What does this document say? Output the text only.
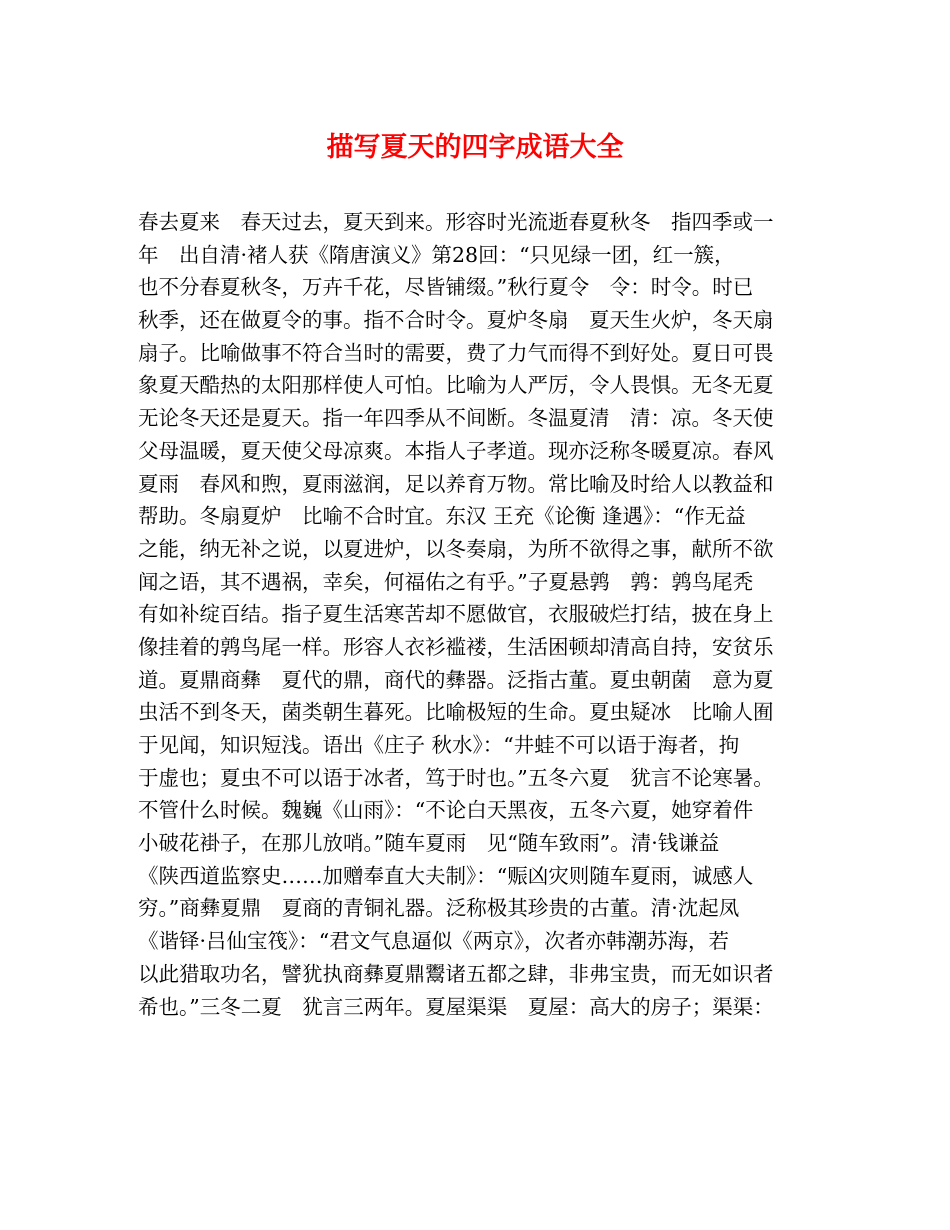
描写夏天的四字成语大全
春去夏来　春天过去，夏天到来。形容时光流逝春夏秋冬　指四季或一
年　出自清·褚人获《隋唐演义》第28回：“只见绿一团，红一簇，
也不分春夏秋冬，万卉千花，尽皆铺缀。”秋行夏令　令：时令。时已
秋季，还在做夏令的事。指不合时令。夏炉冬扇　夏天生火炉，冬天扇
扇子。比喻做事不符合当时的需要，费了力气而得不到好处。夏日可畏
象夏天酷热的太阳那样使人可怕。比喻为人严厉，令人畏惧。无冬无夏
无论冬天还是夏天。指一年四季从不间断。冬温夏清　清：凉。冬天使
父母温暖，夏天使父母凉爽。本指人子孝道。现亦泛称冬暖夏凉。春风
夏雨　春风和煦，夏雨滋润，足以养育万物。常比喻及时给人以教益和
帮助。冬扇夏炉　比喻不合时宜。东汉 王充《论衡 逢遇》：“作无益
之能，纳无补之说，以夏进炉，以冬奏扇，为所不欲得之事，献所不欲
闻之语，其不遇祸，幸矣，何福佑之有乎。”子夏悬鹑　鹑：鹑鸟尾秃
有如补绽百结。指子夏生活寒苦却不愿做官，衣服破烂打结，披在身上
像挂着的鹑鸟尾一样。形容人衣衫褴褛，生活困顿却清高自持，安贫乐
道。夏鼎商彝　夏代的鼎，商代的彝器。泛指古董。夏虫朝菌　意为夏
虫活不到冬天，菌类朝生暮死。比喻极短的生命。夏虫疑冰　比喻人囿
于见闻，知识短浅。语出《庄子 秋水》：“井蛙不可以语于海者，拘
于虚也；夏虫不可以语于冰者，笃于时也。”五冬六夏　犹言不论寒暑。
不管什么时候。魏巍《山雨》：“不论白天黑夜，五冬六夏，她穿着件
小破花褂子，在那儿放哨。”随车夏雨　见“随车致雨”。清·钱谦益
《陕西道监察史……加赠奉直大夫制》：“赈凶灾则随车夏雨，诚感人
穷。”商彝夏鼎　夏商的青铜礼器。泛称极其珍贵的古董。清·沈起凤
《谐铎·吕仙宝筏》：“君文气息逼似《两京》，次者亦韩潮苏海，若
以此猎取功名，譬犹执商彝夏鼎鬻诸五都之肆，非弗宝贵，而无如识者
希也。”三冬二夏　犹言三两年。夏屋渠渠　夏屋：高大的房子；渠渠：
